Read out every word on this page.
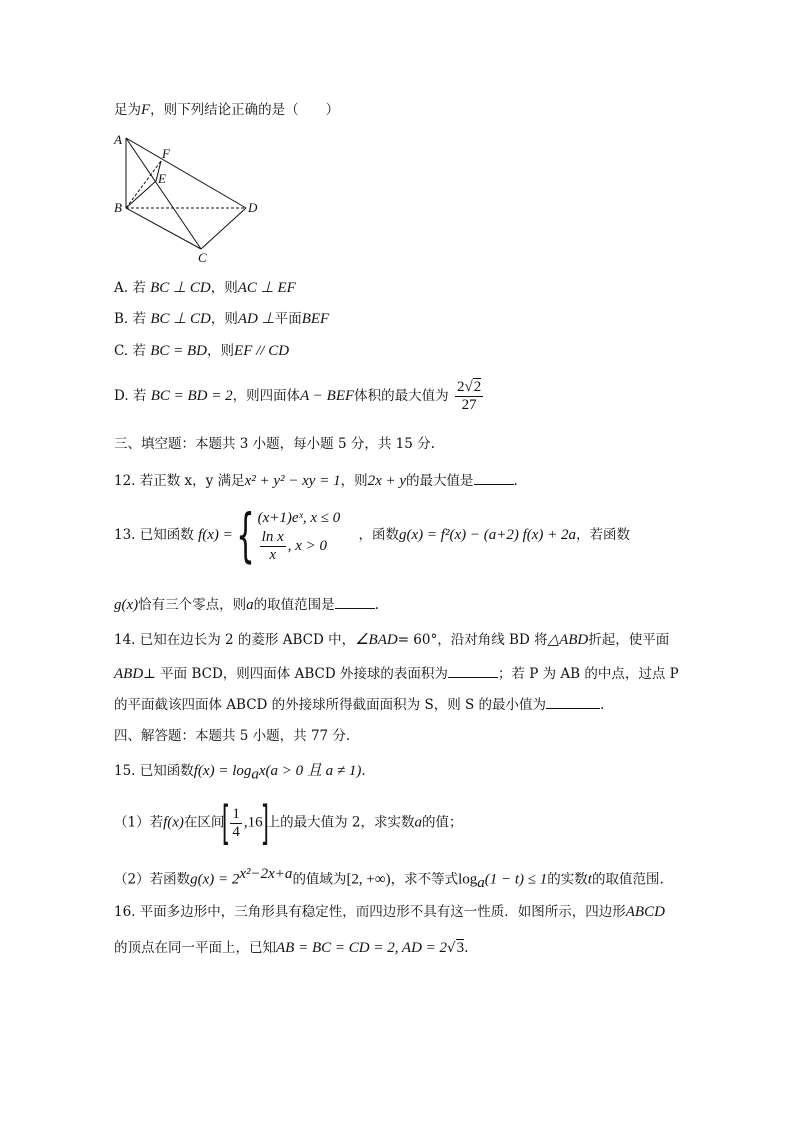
足为F，则下列结论正确的是（　　）
A
F
E
B	D
C
A. 若 BC ⊥ CD，则AC ⊥ EF
B. 若 BC ⊥ CD，则AD ⊥平面BEF
C. 若 BC = BD，则EF // CD
D. 若 BC = BD = 2，则四面体A − BEF体积的最大值为 $\frac{2√2}{27}$
三、填空题：本题共 3 小题，每小题 5 分，共 15 分.
12. 若正数 x，y 满足x² + y² − xy = 1，则2x + y的最大值是	.
13. 已知函数 f(x) ={ (x+1)eˣ, x ≤ 0
$\frac{\text{ln x}}{x}$ , x > 0
，函数g(x) = f²(x) − (a+2) f(x) + 2a，若函数
g(x)恰有三个零点，则a的取值范围是	.
14. 已知在边长为 2 的菱形 ABCD 中，∠BAD= 60°，沿对角线 BD 将△ABD折起，使平面
ABD⊥ 平面 BCD，则四面体 ABCD 外接球的表面积为	；若 P 为 AB 的中点，过点 P
的平面截该四面体 ABCD 的外接球所得截面面积为 S，则 S 的最小值为	.
四、解答题：本题共 5 小题，共 77 分.
15. 已知函数$f(x) = \log_ax(a > 0$ 且 a ≠ 1).
（1）若f(x)在区间[ $\frac{1}{4} ,16$]上的最大值为 2，求实数a的值；
（2）若函数$g(x) = 2^{x^2-2x+a}$的值域为[2, +∞)，求不等式$\log_a(1 - t) \le 1$的实数t的取值范围.
16. 平面多边形中，三角形具有稳定性，而四边形不具有这一性质．如图所示，四边形ABCD
的顶点在同一平面上，已知AB = BC = CD = 2, AD = 2√3.
